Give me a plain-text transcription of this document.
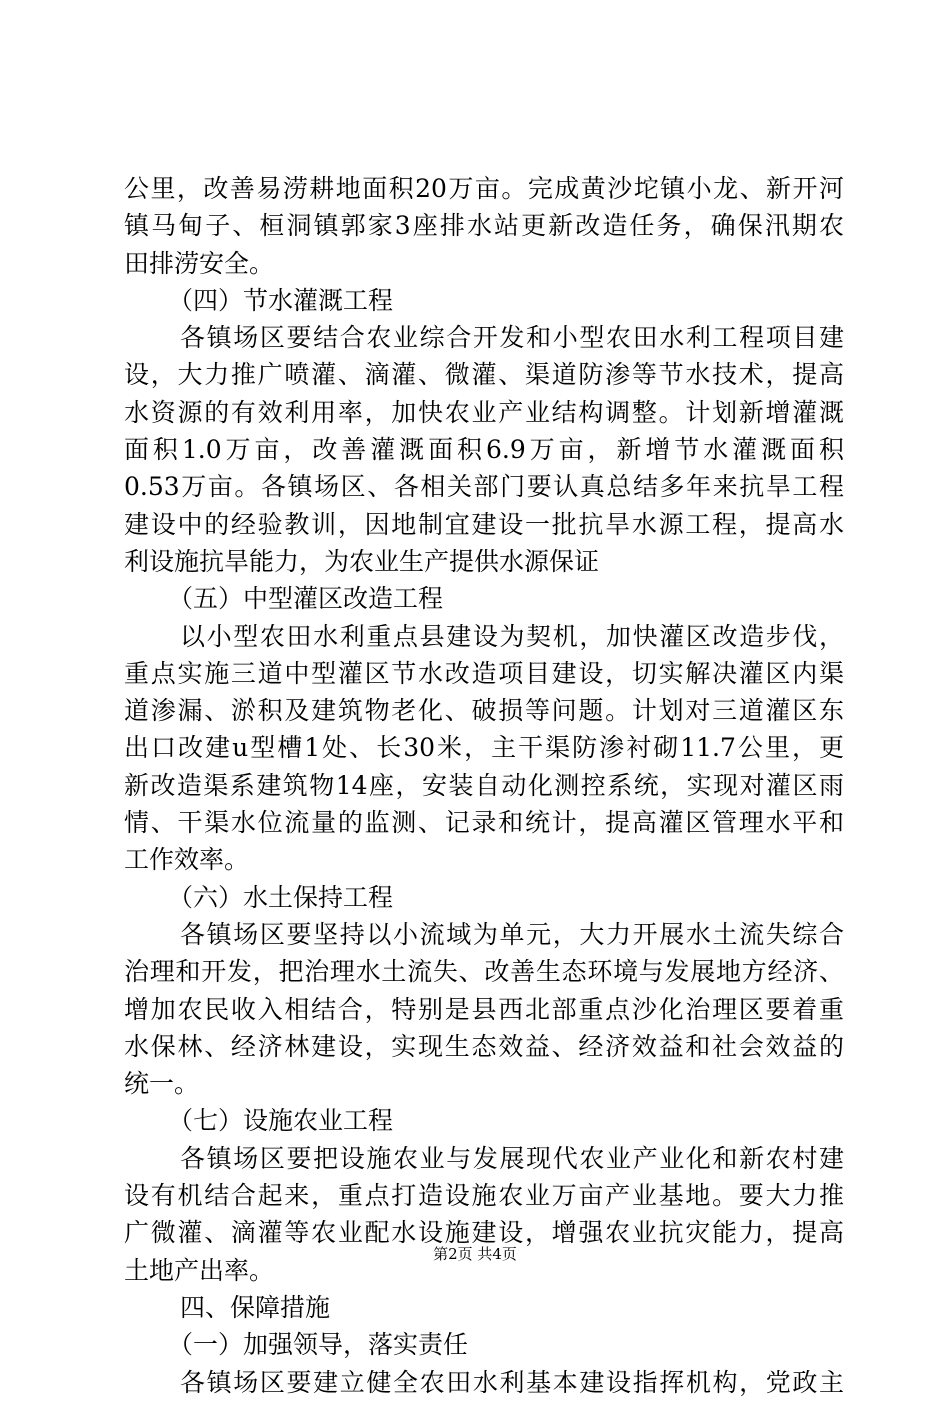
公里，改善易涝耕地面积20万亩。完成黄沙坨镇小龙、新开河
镇马甸子、桓洞镇郭家3座排水站更新改造任务，确保汛期农
田排涝安全。
（四）节水灌溉工程
各镇场区要结合农业综合开发和小型农田水利工程项目建
设，大力推广喷灌、滴灌、微灌、渠道防渗等节水技术，提高
水资源的有效利用率，加快农业产业结构调整。计划新增灌溉
面积1.0万亩，改善灌溉面积6.9万亩，新增节水灌溉面积
0.53万亩。各镇场区、各相关部门要认真总结多年来抗旱工程
建设中的经验教训，因地制宜建设一批抗旱水源工程，提高水
利设施抗旱能力，为农业生产提供水源保证
（五）中型灌区改造工程
以小型农田水利重点县建设为契机，加快灌区改造步伐，
重点实施三道中型灌区节水改造项目建设，切实解决灌区内渠
道渗漏、淤积及建筑物老化、破损等问题。计划对三道灌区东
出口改建u型槽1处、长30米，主干渠防渗衬砌11.7公里，更
新改造渠系建筑物14座，安装自动化测控系统，实现对灌区雨
情、干渠水位流量的监测、记录和统计，提高灌区管理水平和
工作效率。
（六）水土保持工程
各镇场区要坚持以小流域为单元，大力开展水土流失综合
治理和开发，把治理水土流失、改善生态环境与发展地方经济、
增加农民收入相结合，特别是县西北部重点沙化治理区要着重
水保林、经济林建设，实现生态效益、经济效益和社会效益的
统一。
（七）设施农业工程
各镇场区要把设施农业与发展现代农业产业化和新农村建
设有机结合起来，重点打造设施农业万亩产业基地。要大力推
广微灌、滴灌等农业配水设施建设，增强农业抗灾能力，提高
土地产出率。
四、保障措施
（一）加强领导，落实责任
各镇场区要建立健全农田水利基本建设指挥机构，党政主
第2页 共4页
